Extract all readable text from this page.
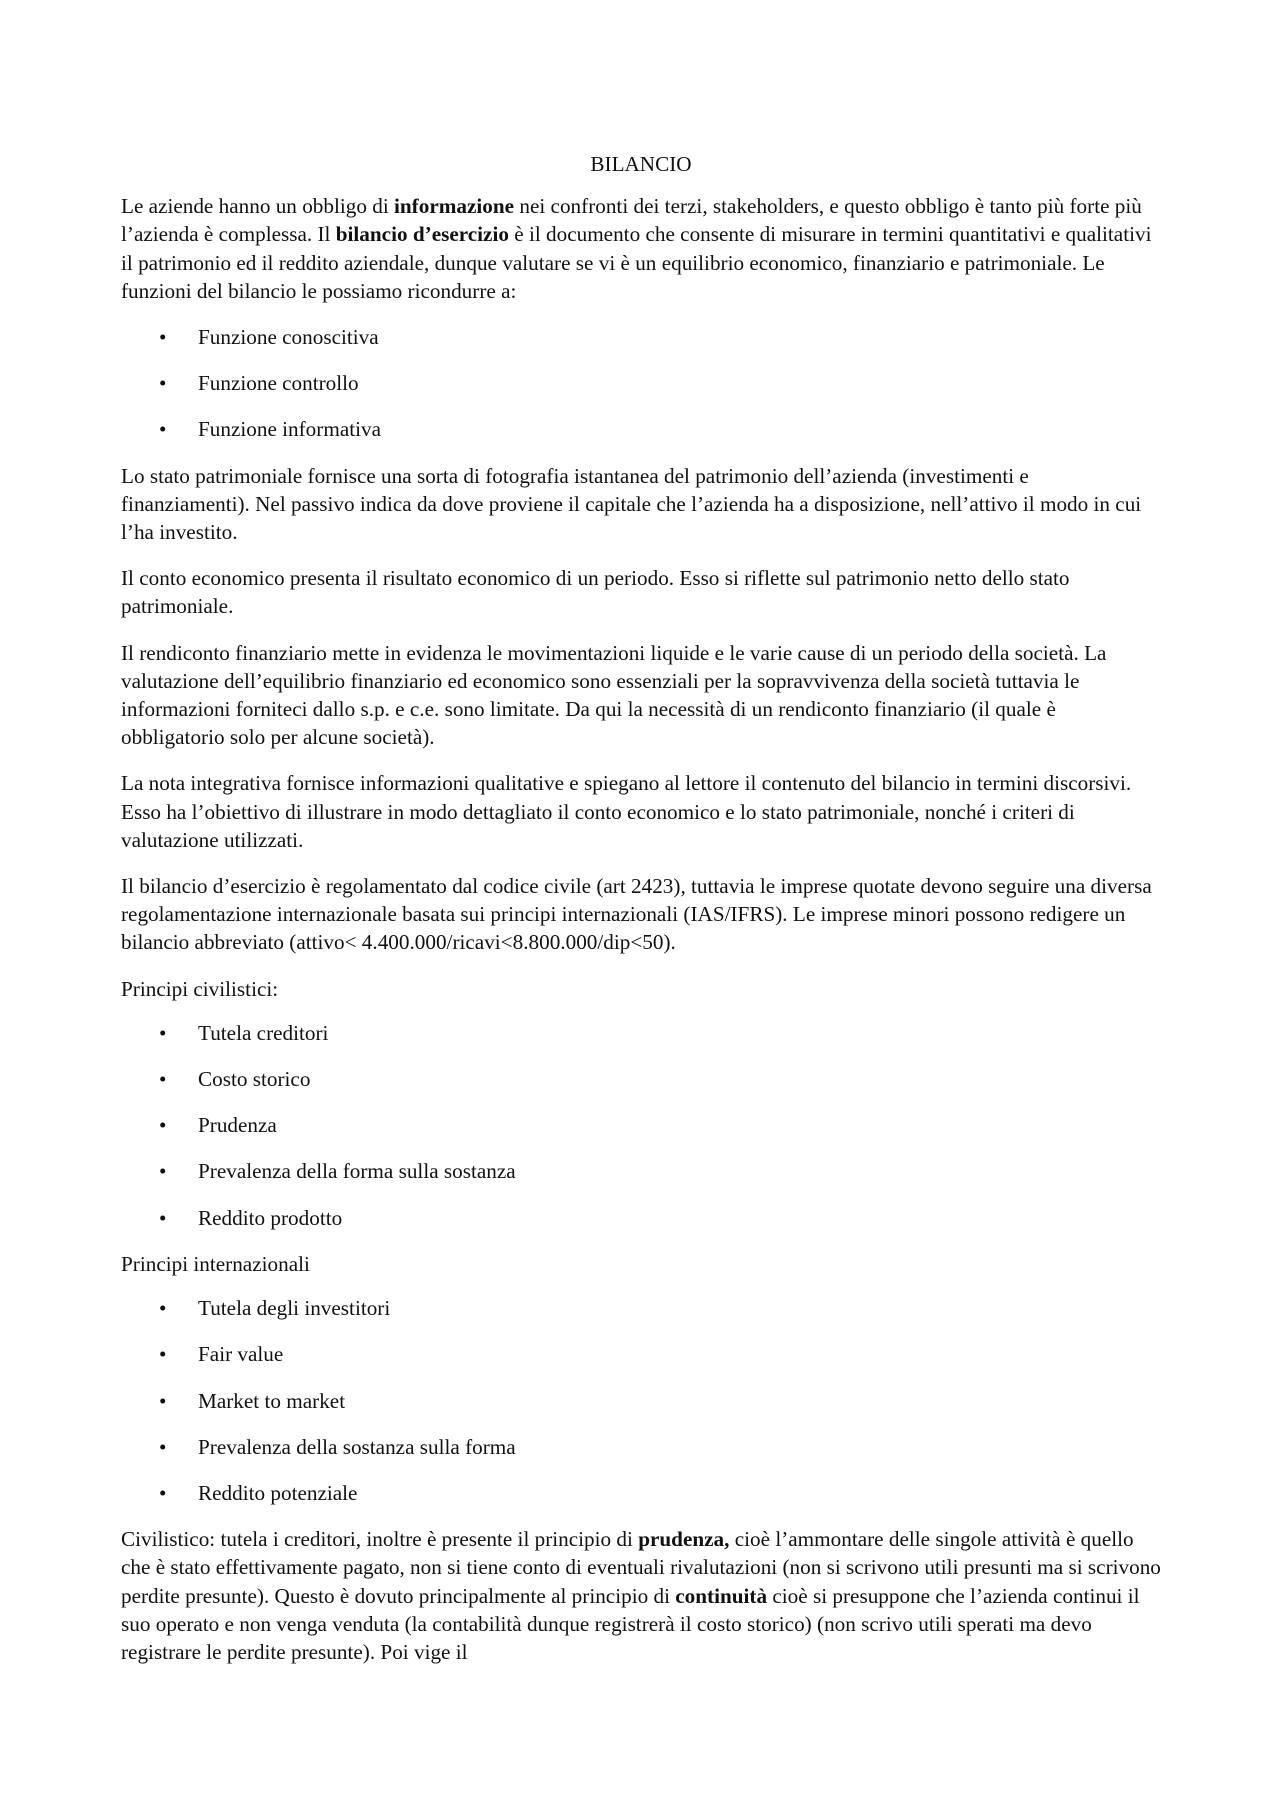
BILANCIO

Le aziende hanno un obbligo di informazione nei confronti dei terzi, stakeholders, e questo obbligo è tanto più forte più l’azienda è complessa. Il bilancio d’esercizio è il documento che consente di misurare in termini quantitativi e qualitativi il patrimonio ed il reddito aziendale, dunque valutare se vi è un equilibrio economico, finanziario e patrimoniale. Le funzioni del bilancio le possiamo ricondurre a:

• Funzione conoscitiva
• Funzione controllo
• Funzione informativa

Lo stato patrimoniale fornisce una sorta di fotografia istantanea del patrimonio dell’azienda (investimenti e finanziamenti). Nel passivo indica da dove proviene il capitale che l’azienda ha a disposizione, nell’attivo il modo in cui l’ha investito.

Il conto economico presenta il risultato economico di un periodo. Esso si riflette sul patrimonio netto dello stato patrimoniale.

Il rendiconto finanziario mette in evidenza le movimentazioni liquide e le varie cause di un periodo della società. La valutazione dell’equilibrio finanziario ed economico sono essenziali per la sopravvivenza della società tuttavia le informazioni forniteci dallo s.p. e c.e. sono limitate. Da qui la necessità di un rendiconto finanziario (il quale è obbligatorio solo per alcune società).

La nota integrativa fornisce informazioni qualitative e spiegano al lettore il contenuto del bilancio in termini discorsivi. Esso ha l’obiettivo di illustrare in modo dettagliato il conto economico e lo stato patrimoniale, nonché i criteri di valutazione utilizzati.

Il bilancio d’esercizio è regolamentato dal codice civile (art 2423), tuttavia le imprese quotate devono seguire una diversa regolamentazione internazionale basata sui principi internazionali (IAS/IFRS). Le imprese minori possono redigere un bilancio abbreviato (attivo< 4.400.000/ricavi<8.800.000/dip<50).

Principi civilistici:

• Tutela creditori
• Costo storico
• Prudenza
• Prevalenza della forma sulla sostanza
• Reddito prodotto

Principi internazionali

• Tutela degli investitori
• Fair value
• Market to market
• Prevalenza della sostanza sulla forma
• Reddito potenziale

Civilistico: tutela i creditori, inoltre è presente il principio di prudenza, cioè l’ammontare delle singole attività è quello che è stato effettivamente pagato, non si tiene conto di eventuali rivalutazioni (non si scrivono utili presunti ma si scrivono perdite presunte). Questo è dovuto principalmente al principio di continuità cioè si presuppone che l’azienda continui il suo operato e non venga venduta (la contabilità dunque registrerà il costo storico) (non scrivo utili sperati ma devo registrare le perdite presunte). Poi vige il
